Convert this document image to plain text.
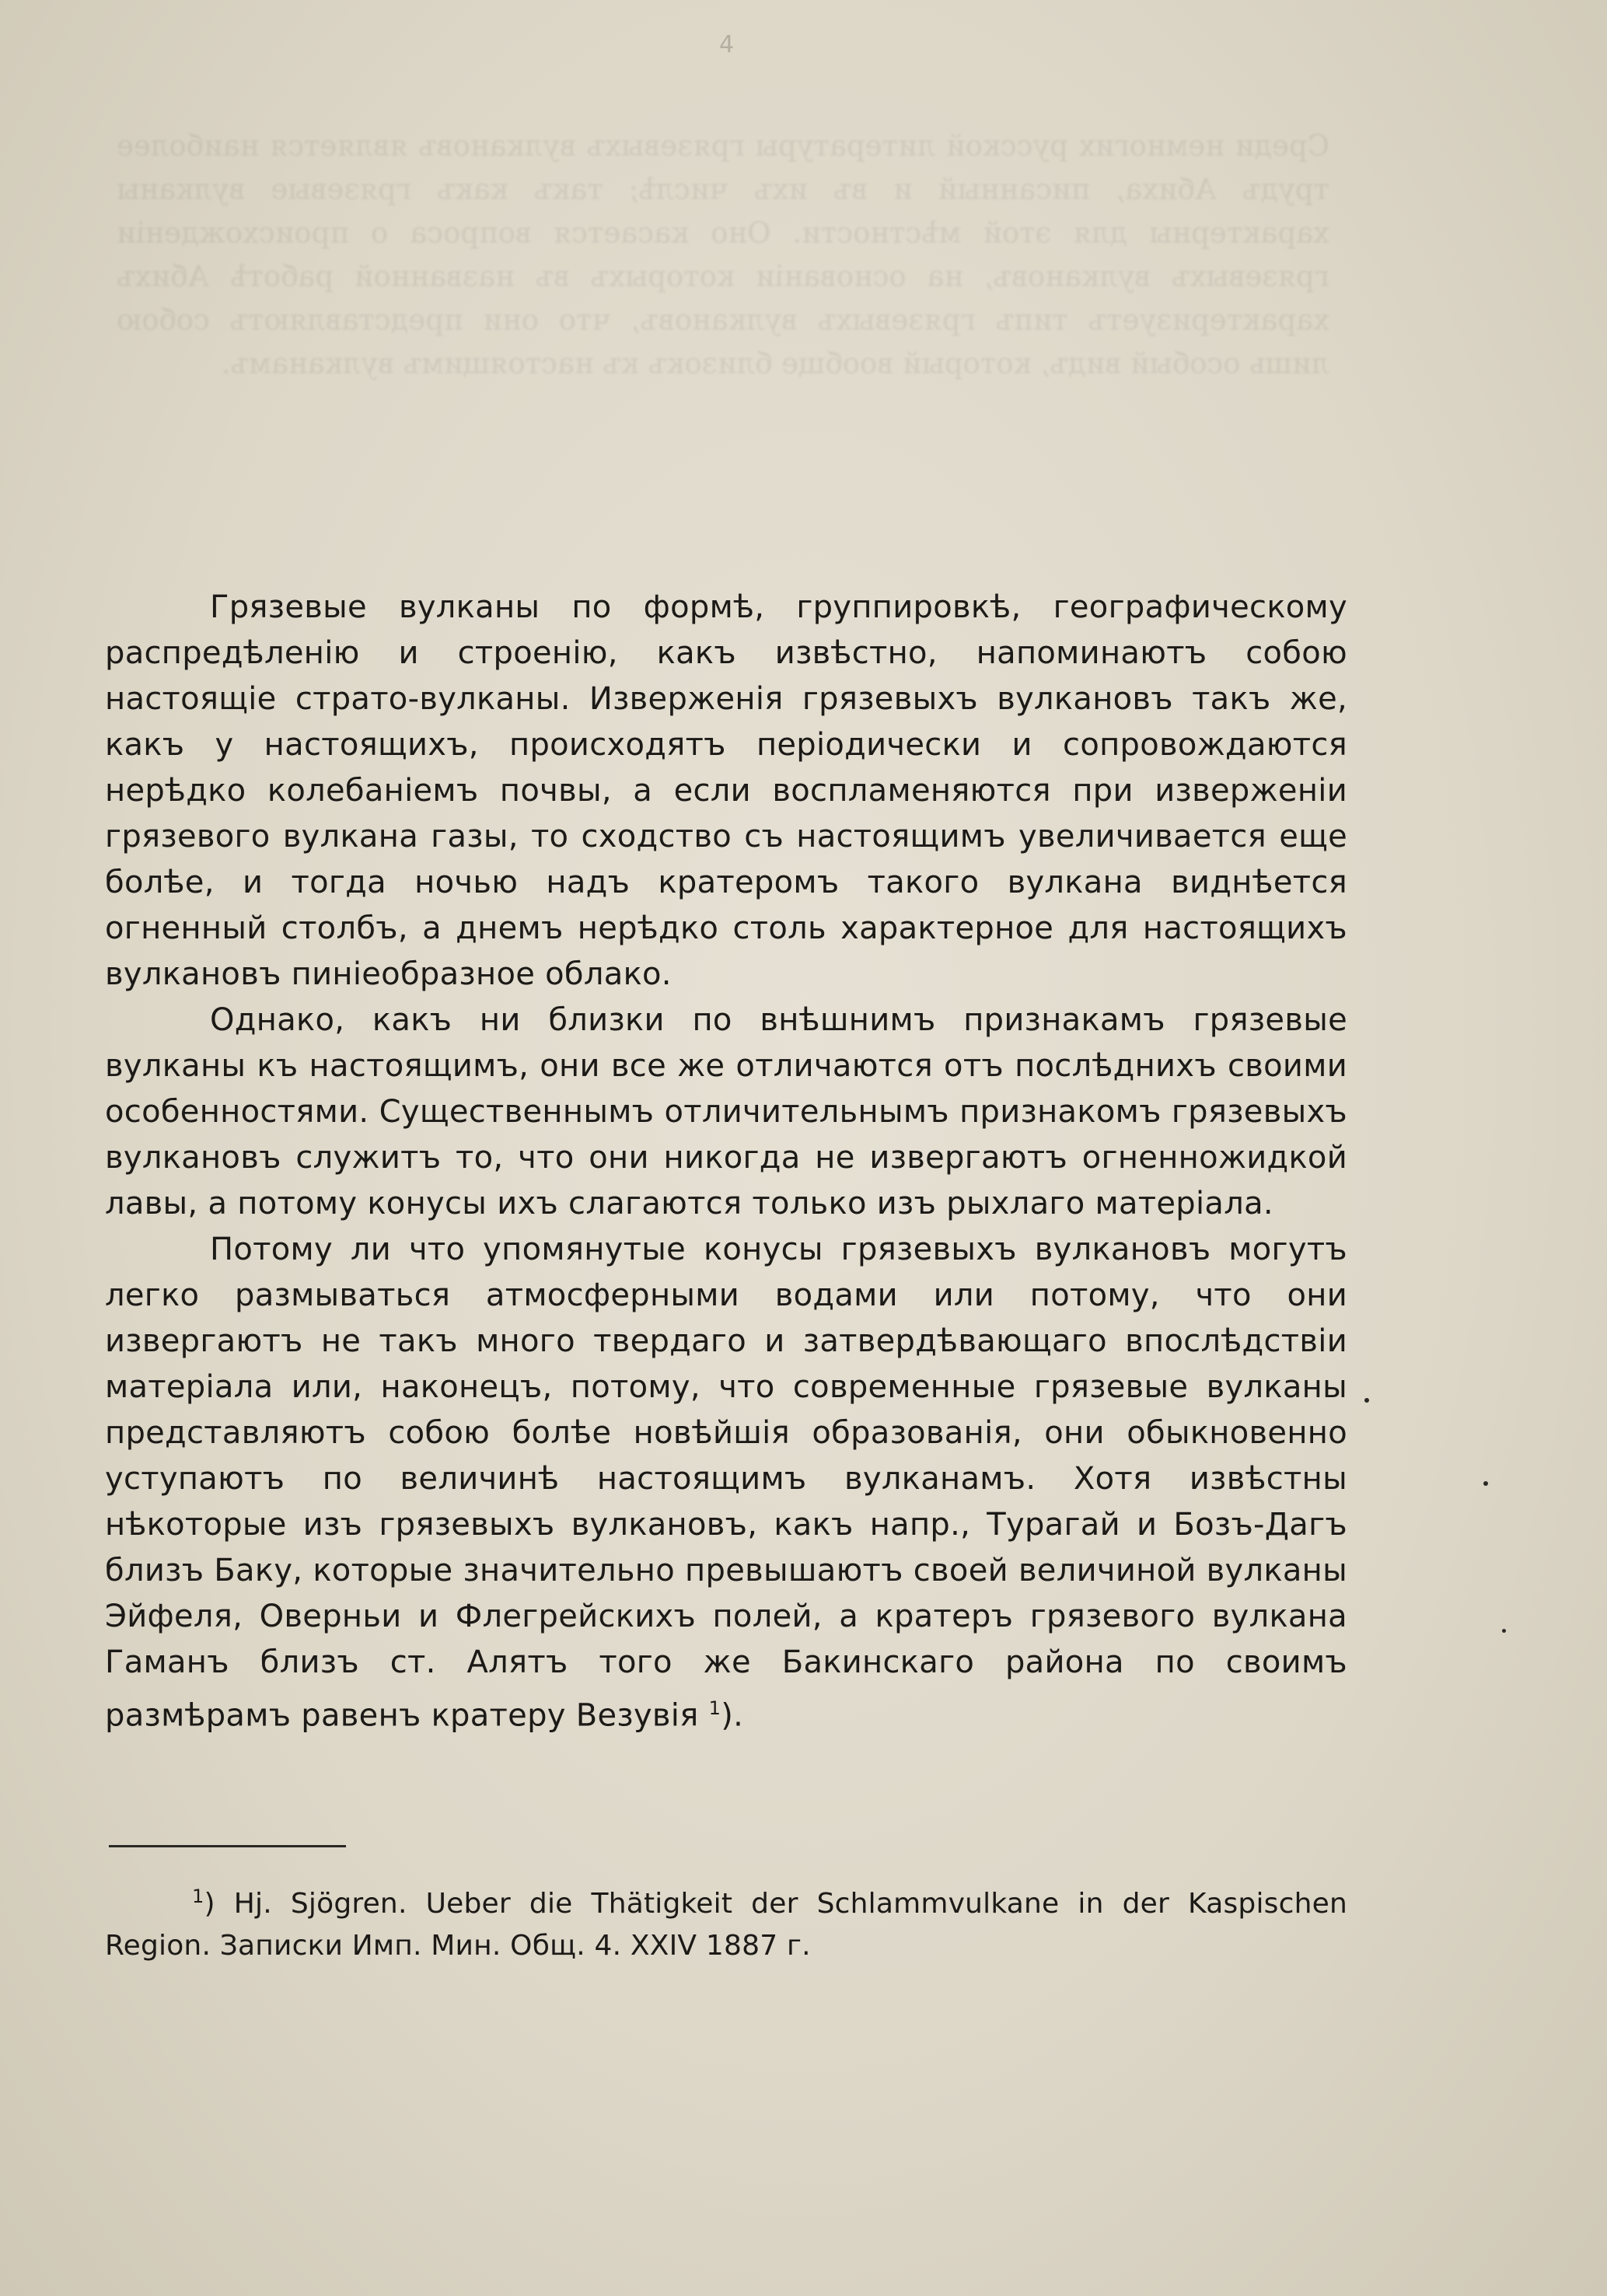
4
Среди немногих русской литературы грязевыхъ вулкановъ является наиболее трудъ Абиха, писанный и въ ихъ числѣ; такъ какъ грязевые вулканы характерны для этой мѣстности. Оно касается вопроса о происхожденіи грязевыхъ вулкановъ, на основаніи которыхъ въ названной работѣ Абихъ характеризуетъ типъ грязевыхъ вулкановъ, что они представляютъ собою лишь особый видъ, который вообще близокъ къ настоящимъ вулканамъ.

Грязевые вулканы по формѣ, группировкѣ, географическому распредѣленію и строенію, какъ извѣстно, напоминаютъ собою настоящіе страто-вулканы. Изверженія грязевыхъ вулкановъ такъ же, какъ у настоящихъ, происходятъ періодически и сопровождаются нерѣдко колебаніемъ почвы, а если воспламеняются при изверженіи грязевого вулкана газы, то сходство съ настоящимъ увеличивается еще болѣе, и тогда ночью надъ кратеромъ такого вулкана виднѣется огненный столбъ, а днемъ нерѣдко столь характерное для настоящихъ вулкановъ пиніеобразное облако.

Однако, какъ ни близки по внѣшнимъ признакамъ грязевые вулканы къ настоящимъ, они все же отличаются отъ послѣднихъ своими особенностями. Существеннымъ отличительнымъ признакомъ грязевыхъ вулкановъ служитъ то, что они никогда не извергаютъ огненножидкой лавы, а потому конусы ихъ слагаются только изъ рыхлаго матеріала.

Потому ли что упомянутые конусы грязевыхъ вулкановъ могутъ легко размываться атмосферными водами или потому, что они извергаютъ не такъ много твердаго и затвердѣвающаго впослѣдствіи матеріала или, наконецъ, потому, что современные грязевые вулканы представляютъ собою болѣе новѣйшія образованія, они обыкновенно уступаютъ по величинѣ настоящимъ вулканамъ. Хотя извѣстны нѣкоторые изъ грязевыхъ вулкановъ, какъ напр., Турагай и Бозъ-Дагъ близъ Баку, которые значительно превышаютъ своей величиной вулканы Эйфеля, Оверньи и Флегрейскихъ полей, а кратеръ грязевого вулкана Гаманъ близъ ст. Алятъ того же Бакинскаго района по своимъ размѣрамъ равенъ кратеру Везувія $^1$).

$^1$) Hj. Sjögren. Ueber die Thätigkeit der Schlammvulkane in der Kaspischen Region. Записки Имп. Мин. Общ. 4. XXIV 1887 г.
